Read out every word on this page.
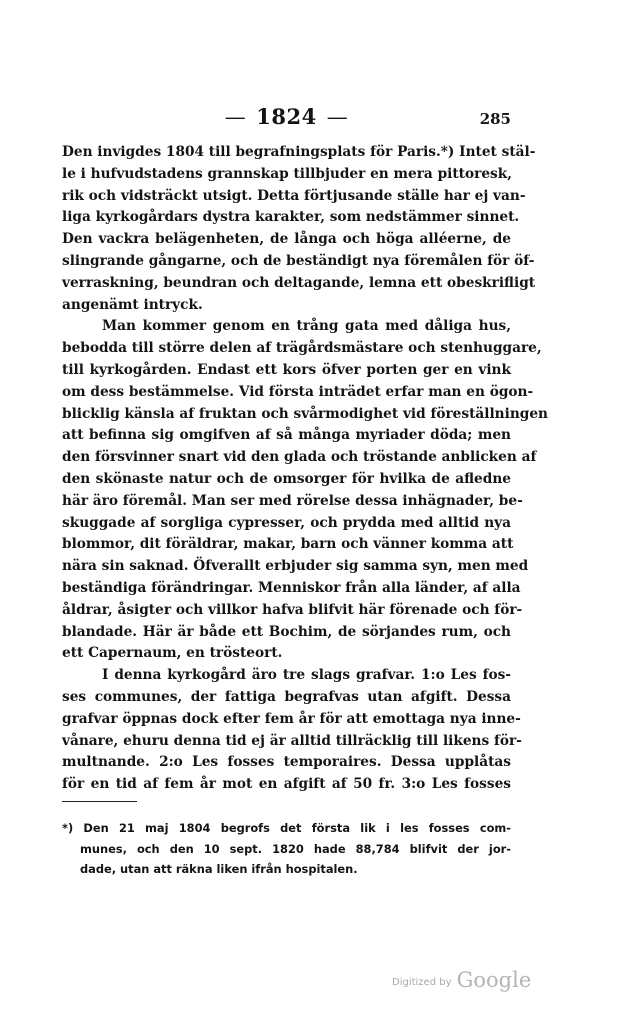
— 1824 —	285
Den invigdes 1804 till begrafningsplats för Paris.*) Intet stäl-
le i hufvudstadens grannskap tillbjuder en mera pittoresk,
rik och vidsträckt utsigt. Detta förtjusande ställe har ej van-
liga kyrkogårdars dystra karakter, som nedstämmer sinnet.
Den vackra belägenheten, de långa och höga alléerne, de
slingrande gångarne, och de beständigt nya föremålen för öf-
verraskning, beundran och deltagande, lemna ett obeskrifligt
angenämt intryck.
Man kommer genom en trång gata med dåliga hus,
bebodda till större delen af trägårdsmästare och stenhuggare,
till kyrkogården. Endast ett kors öfver porten ger en vink
om dess bestämmelse. Vid första inträdet erfar man en ögon-
blicklig känsla af fruktan och svårmodighet vid föreställningen
att befinna sig omgifven af så många myriader döda; men
den försvinner snart vid den glada och tröstande anblicken af
den skönaste natur och de omsorger för hvilka de afledne
här äro föremål. Man ser med rörelse dessa inhägnader, be-
skuggade af sorgliga cypresser, och prydda med alltid nya
blommor, dit föräldrar, makar, barn och vänner komma att
nära sin saknad. Öfverallt erbjuder sig samma syn, men med
beständiga förändringar. Menniskor från alla länder, af alla
åldrar, åsigter och villkor hafva blifvit här förenade och för-
blandade. Här är både ett Bochim, de sörjandes rum, och
ett Capernaum, en trösteort.
I denna kyrkogård äro tre slags grafvar. 1:o Les fos-
ses communes, der fattiga begrafvas utan afgift. Dessa
grafvar öppnas dock efter fem år för att emottaga nya inne-
vånare, ehuru denna tid ej är alltid tillräcklig till likens för-
multnande. 2:o Les fosses temporaires. Dessa upplåtas
för en tid af fem år mot en afgift af 50 fr. 3:o Les fosses
*) Den 21 maj 1804 begrofs det första lik i les fosses com-
munes, och den 10 sept. 1820 hade 88,784 blifvit der jor-
dade, utan att räkna liken ifrån hospitalen.
Digitized by Google
